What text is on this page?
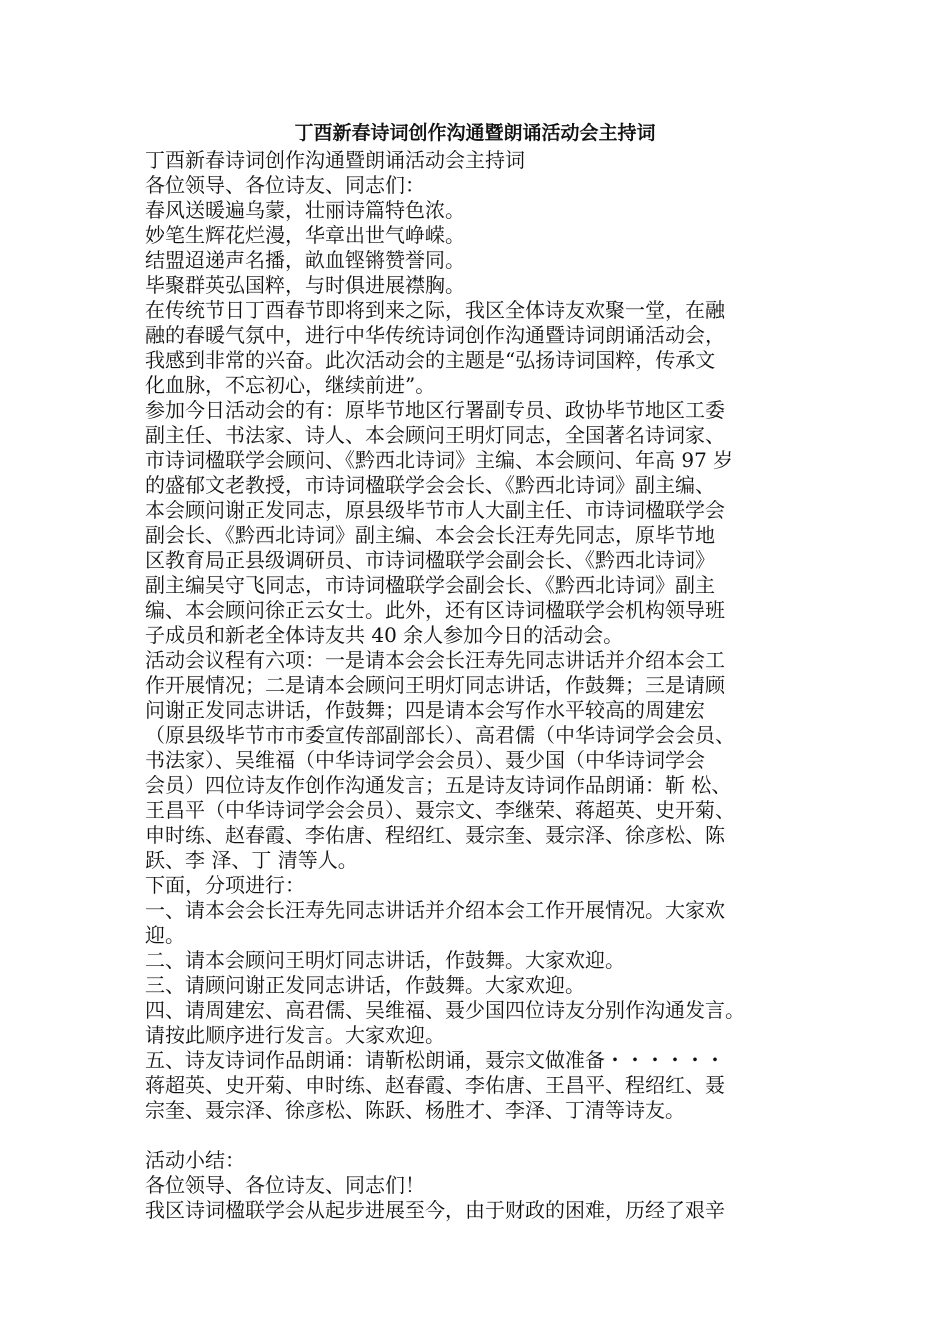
丁酉新春诗词创作沟通暨朗诵活动会主持词
丁酉新春诗词创作沟通暨朗诵活动会主持词
各位领导、各位诗友、同志们：
春风送暖遍乌蒙，壮丽诗篇特色浓。
妙笔生辉花烂漫，华章出世气峥嵘。
结盟迢递声名播，畝血铿锵赞誉同。
毕聚群英弘国粹，与时俱进展襟胸。
在传统节日丁酉春节即将到来之际，我区全体诗友欢聚一堂，在融
融的春暖气氛中，进行中华传统诗词创作沟通暨诗词朗诵活动会，
我感到非常的兴奋。此次活动会的主题是“弘扬诗词国粹，传承文
化血脉，不忘初心，继续前进”。
参加今日活动会的有：原毕节地区行署副专员、政协毕节地区工委
副主任、书法家、诗人、本会顾问王明灯同志，全国著名诗词家、
市诗词楹联学会顾问、《黔西北诗词》主编、本会顾问、年高 97 岁
的盛郁文老教授，市诗词楹联学会会长、《黔西北诗词》副主编、
本会顾问谢正发同志，原县级毕节市人大副主任、市诗词楹联学会
副会长、《黔西北诗词》副主编、本会会长汪寿先同志，原毕节地
区教育局正县级调研员、市诗词楹联学会副会长、《黔西北诗词》
副主编吴守飞同志，市诗词楹联学会副会长、《黔西北诗词》副主
编、本会顾问徐正云女士。此外，还有区诗词楹联学会机构领导班
子成员和新老全体诗友共 40 余人参加今日的活动会。
活动会议程有六项：一是请本会会长汪寿先同志讲话并介绍本会工
作开展情况；二是请本会顾问王明灯同志讲话，作鼓舞；三是请顾
问谢正发同志讲话，作鼓舞；四是请本会写作水平较高的周建宏
（原县级毕节市市委宣传部副部长）、高君儒（中华诗词学会会员、
书法家）、吴维福（中华诗词学会会员）、聂少国（中华诗词学会
会员）四位诗友作创作沟通发言；五是诗友诗词作品朗诵：靳 松、
王昌平（中华诗词学会会员）、聂宗文、李继荣、蒋超英、史开菊、
申时练、赵春霞、李佑唐、程绍红、聂宗奎、聂宗泽、徐彦松、陈
跃、李 泽、丁 清等人。
下面，分项进行：
一、请本会会长汪寿先同志讲话并介绍本会工作开展情况。大家欢
迎。
二、请本会顾问王明灯同志讲话，作鼓舞。大家欢迎。
三、请顾问谢正发同志讲话，作鼓舞。大家欢迎。
四、请周建宏、高君儒、吴维福、聂少国四位诗友分别作沟通发言。
请按此顺序进行发言。大家欢迎。
五、诗友诗词作品朗诵：请靳松朗诵，聂宗文做准备・・・・・・
蒋超英、史开菊、申时练、赵春霞、李佑唐、王昌平、程绍红、聂
宗奎、聂宗泽、徐彦松、陈跃、杨胜才、李泽、丁清等诗友。
活动小结：
各位领导、各位诗友、同志们！
我区诗词楹联学会从起步进展至今，由于财政的困难，历经了艰辛
